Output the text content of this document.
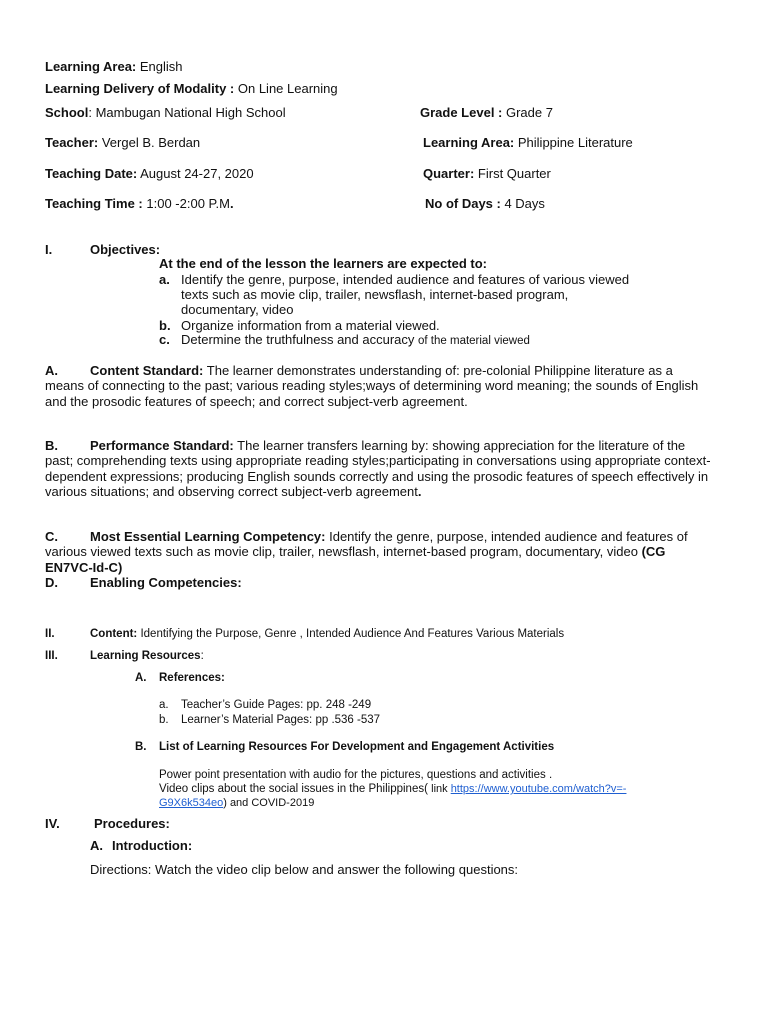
Learning Area: English
Learning Delivery of Modality : On Line Learning
School: Mambugan National High School	Grade Level : Grade 7
Teacher: Vergel B. Berdan	Learning Area: Philippine Literature
Teaching Date: August 24-27, 2020	Quarter: First Quarter
Teaching Time : 1:00 -2:00 P.M.	No of Days : 4 Days
I.	Objectives:
At the end of the lesson the learners are expected to:
a. Identify the genre, purpose, intended audience and features of various viewed
texts such as movie clip, trailer, newsflash, internet-based program,
documentary, video
b. Organize information from a material viewed.
c. Determine the truthfulness and accuracy of the material viewed
A. Content Standard: The learner demonstrates understanding of: pre-colonial Philippine literature as a means of connecting to the past; various reading styles;ways of determining word meaning; the sounds of English and the prosodic features of speech; and correct subject-verb agreement.
B. Performance Standard: The learner transfers learning by: showing appreciation for the literature of the past; comprehending texts using appropriate reading styles;participating in conversations using appropriate context-dependent expressions; producing English sounds correctly and using the prosodic features of speech effectively in various situations; and observing correct subject-verb agreement.
C. Most Essential Learning Competency: Identify the genre, purpose, intended audience and features of various viewed texts such as movie clip, trailer, newsflash, internet-based program, documentary, video (CG EN7VC-Id-C)
D. Enabling Competencies:
II.	Content: Identifying the Purpose, Genre , Intended Audience And Features Various Materials
III.	Learning Resources:
A. References:
a. Teacher’s Guide Pages: pp. 248 -249
b. Learner’s Material Pages: pp .536 -537
B. List of Learning Resources For Development and Engagement Activities
Power point presentation with audio for the pictures, questions and activities .
Video clips about the social issues in the Philippines( link https://www.youtube.com/watch?v=-
G9X6k534eo) and COVID-2019
IV.	Procedures:
A. Introduction:
Directions: Watch the video clip below and answer the following questions:
